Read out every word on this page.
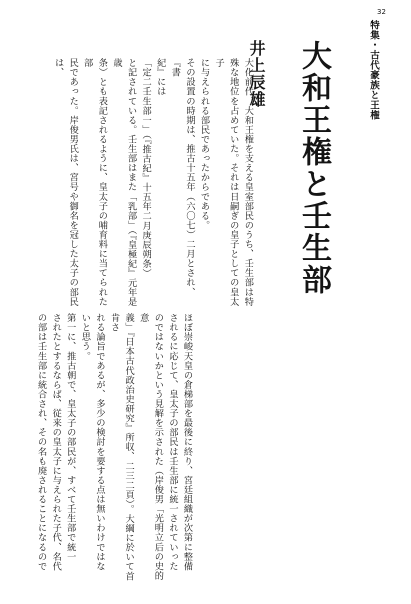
32
特集・古代豪族と王権
大和王権と壬生部
井上辰雄
大化前代、大和王権を支える皇室部民のうち、壬生部は特
殊な地位を占めていた。それは日嗣ぎの皇子としての皇太子
に与えられる部民であったからである。
その設置の時期は、推古十五年（六〇七）二月とされ、『書
紀』には
「定二壬生部一」（『推古紀』十五年二月庚辰朔条）
と記されている。壬生部はまた「乳部」（『皇極紀』元年是歳
条）とも表記されるように、皇太子の哺育料に当てられた部
民であった。岸俊男氏は、宮号や御名を冠した太子の部民は、
ほぼ崇峻天皇の倉梯部を最後に終り、宮廷組織が次第に整備
されるに応じて、皇太子の部民は壬生部に統一されていった
のではないかという見解を示された（岸俊男「光明立后の史的意
義」『日本古代政治史研究』所収、二三二頁）。大綱に於いて首肯さ
れる論旨であるが、多少の検討を要する点は無いわけではな
いと思う。
第一に、推古朝で、皇太子の部民が、すべて壬生部で統一
されたとするならば、従来の皇太子に与えられた子代、名代
の部は壬生部に統合され、その名も廃されることになるので
